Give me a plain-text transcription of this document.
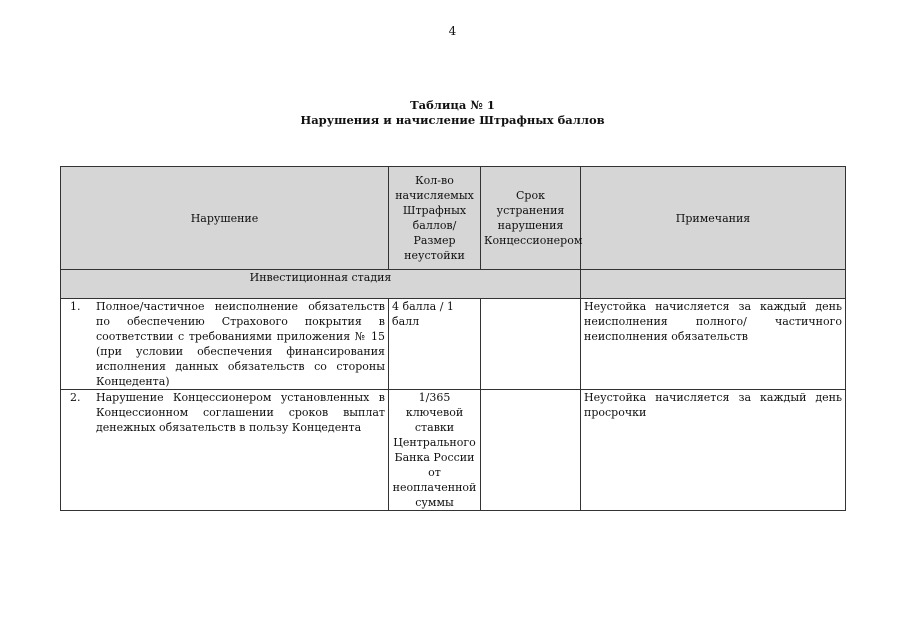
4
Таблица № 1
Нарушения и начисление Штрафных баллов
Нарушение	Кол-во начисляемых Штрафных баллов/ Размер неустойки	Срок устранения нарушения Концессионером	Примечания
Инвестиционная стадия			

1. Полное/частичное неисполнение обязательств по обеспечению Страхового покрытия в соответствии с требованиями приложения № 15 (при условии обеспечения финансирования исполнения данных обязательств со стороны Концедента)	4 балла / 1 балл		Неустойка начисляется за каждый день неисполнения полного/ частичного неисполнения обязательств

2. Нарушение Концессионером установленных в Концессионном соглашении сроков выплат денежных обязательств в пользу Концедента	1/365 ключевой ставки Центрального Банка России от неоплаченной суммы		Неустойка начисляется за каждый день просрочки
